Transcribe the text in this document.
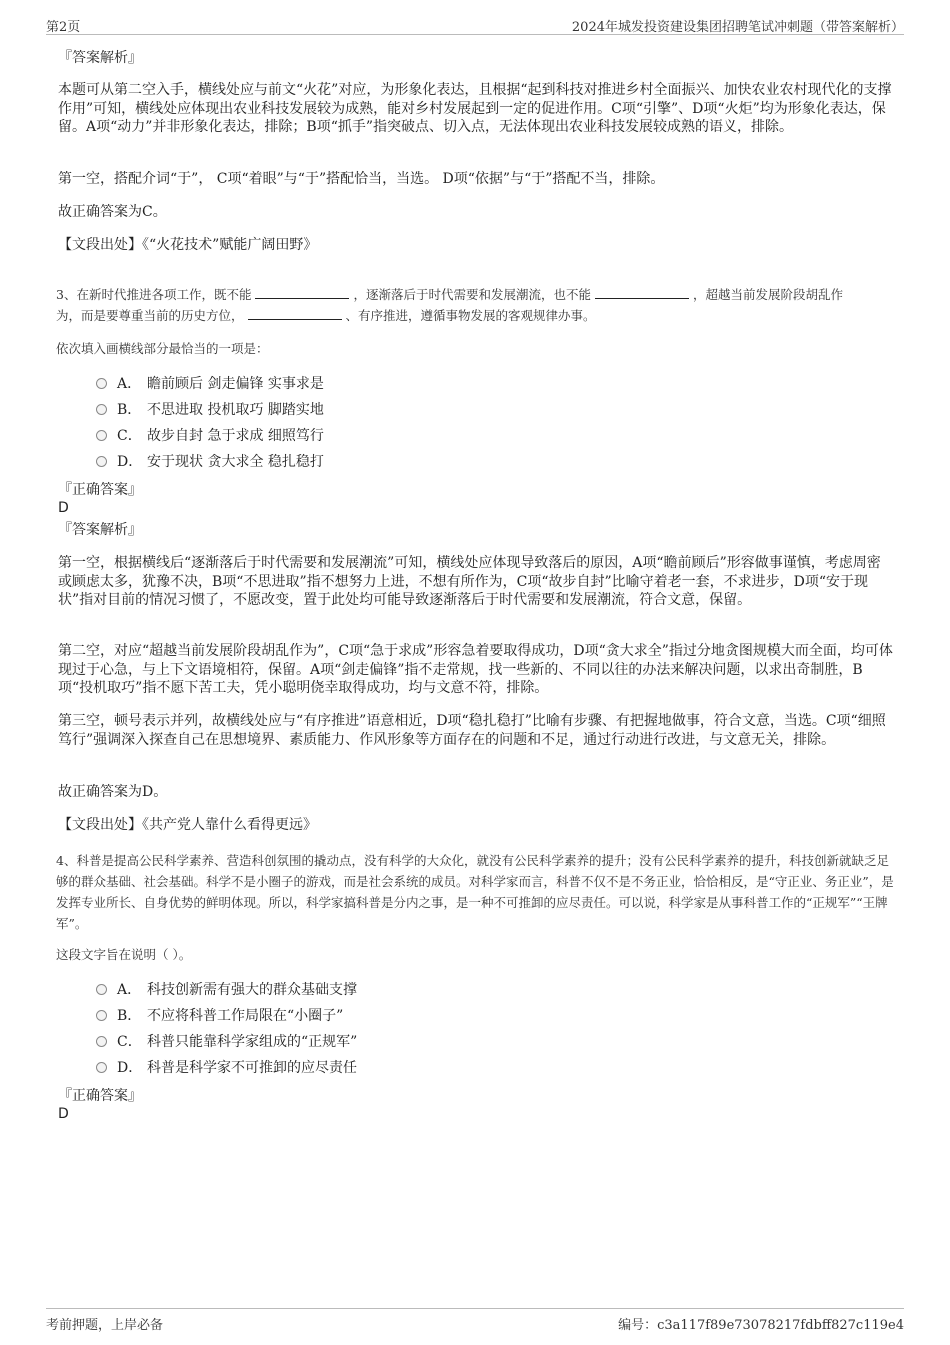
第2页	2024年城发投资建设集团招聘笔试冲刺题（带答案解析）
『答案解析』
本题可从第二空入手，横线处应与前文“火花”对应，为形象化表达，且根据“起到科技对推进乡村全面振兴、加快农业农村现代化的支撑作用”可知，横线处应体现出农业科技发展较为成熟，能对乡村发展起到一定的促进作用。C项“引擎”、D项“火炬”均为形象化表达，保留。A项“动力”并非形象化表达，排除；B项“抓手”指突破点、切入点，无法体现出农业科技发展较成熟的语义，排除。
第一空，搭配介词“于”， C项“着眼”与“于”搭配恰当，当选。 D项“依据”与“于”搭配不当，排除。
故正确答案为C。
【文段出处】《“火花技术”赋能广阔田野》
3、在新时代推进各项工作，既不能	，逐渐落后于时代需要和发展潮流，也不能	，超越当前发展阶段胡乱作
为，而是要尊重当前的历史方位，	、有序推进，遵循事物发展的客观规律办事。
依次填入画横线部分最恰当的一项是：
A． 瞻前顾后 剑走偏锋 实事求是
B． 不思进取 投机取巧 脚踏实地
C． 故步自封 急于求成 细照笃行
D． 安于现状 贪大求全 稳扎稳打
『正确答案』
D
『答案解析』
第一空，根据横线后“逐渐落后于时代需要和发展潮流”可知，横线处应体现导致落后的原因，A项“瞻前顾后”形容做事谨慎，考虑周密或顾虑太多，犹豫不决，B项“不思进取”指不想努力上进，不想有所作为，C项“故步自封”比喻守着老一套，不求进步，D项“安于现状”指对目前的情况习惯了，不愿改变，置于此处均可能导致逐渐落后于时代需要和发展潮流，符合文意，保留。
第二空，对应“超越当前发展阶段胡乱作为”，C项“急于求成”形容急着要取得成功，D项“贪大求全”指过分地贪图规模大而全面，均可体现过于心急，与上下文语境相符，保留。A项“剑走偏锋”指不走常规，找一些新的、不同以往的办法来解决问题，以求出奇制胜，B项“投机取巧”指不愿下苦工夫，凭小聪明侥幸取得成功，均与文意不符，排除。
第三空，顿号表示并列，故横线处应与“有序推进”语意相近，D项“稳扎稳打”比喻有步骤、有把握地做事，符合文意，当选。C项“细照笃行”强调深入探查自己在思想境界、素质能力、作风形象等方面存在的问题和不足，通过行动进行改进，与文意无关，排除。
故正确答案为D。
【文段出处】《共产党人靠什么看得更远》
4、科普是提高公民科学素养、营造科创氛围的撬动点，没有科学的大众化，就没有公民科学素养的提升；没有公民科学素养的提升，科技创新就缺乏足够的群众基础、社会基础。科学不是小圈子的游戏，而是社会系统的成员。对科学家而言，科普不仅不是不务正业，恰恰相反，是“守正业、务正业”，是发挥专业所长、自身优势的鲜明体现。所以，科学家搞科普是分内之事，是一种不可推卸的应尽责任。可以说，科学家是从事科普工作的“正规军”“王牌军”。
这段文字旨在说明（ ）。
A． 科技创新需有强大的群众基础支撑
B． 不应将科普工作局限在“小圈子”
C． 科普只能靠科学家组成的“正规军”
D． 科普是科学家不可推卸的应尽责任
『正确答案』
D
考前押题，上岸必备	编号：c3a117f89e73078217fdbff827c119e4
